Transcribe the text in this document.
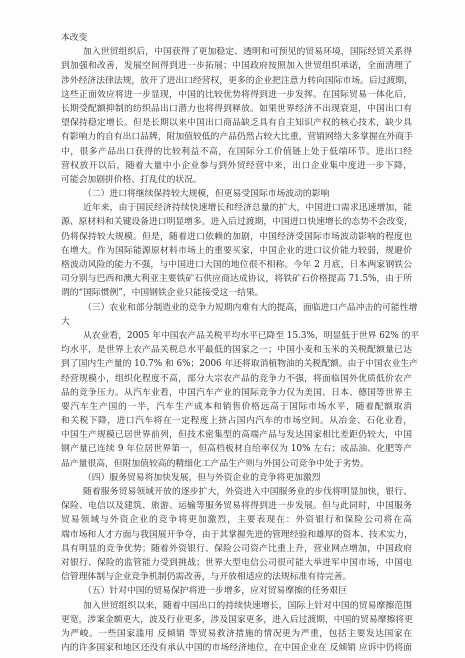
本改变
加入世贸组织后，中国获得了更加稳定、透明和可预见的贸易环境，国际经贸关系得
到加强和改善，发展空间得到进一步拓展；中国政府按照加入世贸组织承诺，全面清理了
涉外经济法律法规，放开了进出口经营权，更多的企业把注意力转向国际市场。后过渡期，
这些正面效应将进一步显现，中国的比较优势将得到进一步发挥。在国际贸易一体化后，
长期受配额抑制的纺织品出口潜力也将得到释放。如果世界经济不出现衰退，中国出口有
望保持稳定增长。但是长期以来中国出口商品缺乏具有自主知识产权的核心技术，缺少具
有影响力的自有出口品牌，附加值较低的产品仍然占较大比重，营销网络大多掌握在外商手
中，很多产品出口获得的比较利益不高，在国际分工价值链上处于低端环节。进出口经
营权放开以后，随着大量中小企业参与到外贸经营中来，出口企业集中度进一步下降，
可能会加剧拼价格、打乱仗的状况。
（二）进口将继续保持较大规模，但更易受国际市场波动的影响
近年来，由于国民经济持续快速增长和经济总量的扩大，中国进口需求迅速增加，能
源、原材料和关键设备进口明显增多。进入后过渡期，中国进口快速增长的态势不会改变，
仍将保持较大规模。但是，随着进口依赖的加剧，中国经济受国际市场波动影响的程度也
在增大。作为国际能源原材料市场上的重要买家，中国企业的进口议价能力较弱，规避价
格波动风险的能力不强，与中国进口大国的地位很不相称。今年 2 月底，日本两家钢铁公
司分别与巴西和澳大利亚主要铁矿石供应商达成协议，将铁矿石价格提高 71.5%，由于所
谓的“国际惯例”，中国钢铁企业只能接受这一结果。
（三）农业和部分制造业的竞争力短期内难有大的提高，面临进口产品冲击的可能性增
大
从农业看，2005 年中国农产品关税平均水平已降至 15.3%，明显低于世界 62% 的平
均水平，是世界上农产品关税总水平最低的国家之一；中国小麦和玉米的关税配额量已达
到了国内生产量的 10.7% 和 6%；2006 年还将取消植物油的关税配额。由于中国农业生产
经营规模小，组织化程度不高，部分大宗农产品的竞争力不强，将面临国外优质低价农产
品的竞争压力。从汽车业看，中国汽车产业的国际竞争力仅为美国、日本、德国等世界主
要汽车生产国的一半，汽车生产成本和销售价格远高于国际市场水平，随着配额取消
和关税下降，进口汽车将在一定程度上挤占国内汽车的市场空间。从冶金、石化业看，
中国生产规模已居世界前列，但技术密集型的高端产品与发达国家相比差距仍较大，中国
钢产量已连续 9 年位居世界第一，但高档板材自给率仅为 10% 左右；成品油、化肥等产
品产量很高，但附加值较高的精细化工产品生产则与外国公司竞争中处于劣势。
（四）服务贸易将加快发展，但与外资企业的竞争将更加激烈
随着服务贸易领域开放的逐步扩大，外资进入中国服务业的步伐将明显加快，银行、
保险、电信以及建筑、旅游、运输等服务贸易将得到进一步发展。但与此同时，中国服务
贸易领域与外资企业的竞争将更加激烈，主要表现在：外资银行和保险公司将在高
端市场和人才方面与我国展开争夺，由于其掌握先进的管理经验和雄厚的资本、技术实力，
具有明显的竞争优势；随着外资银行、保险公司资产比重上升，营业网点增加，中国政府
对银行、保险的监管能力受到挑战；世界大型电信公司很可能大举进军中国市场，中国电
信管理体制与企业竞争机制仍需改善，与开放相适应的法规标准有待完善。
（五）针对中国的贸易保护将进一步增多，应对贸易摩擦的任务艰巨
加入世贸组织以来，随着中国出口的持续快速增长，国际上针对中国的贸易摩擦范围
更宽，涉案金额更大，波及行业更多，涉及国家更多，进入后过渡期，中国的贸易摩擦将更
为严峻。一些国家滥用 反倾销 等贸易救济措施的情况更为严重，包括主要发达国家在
内的许多国家和地区还没有承认中国的市场经济地位，在中国企业在 反倾销 应诉中仍将面
